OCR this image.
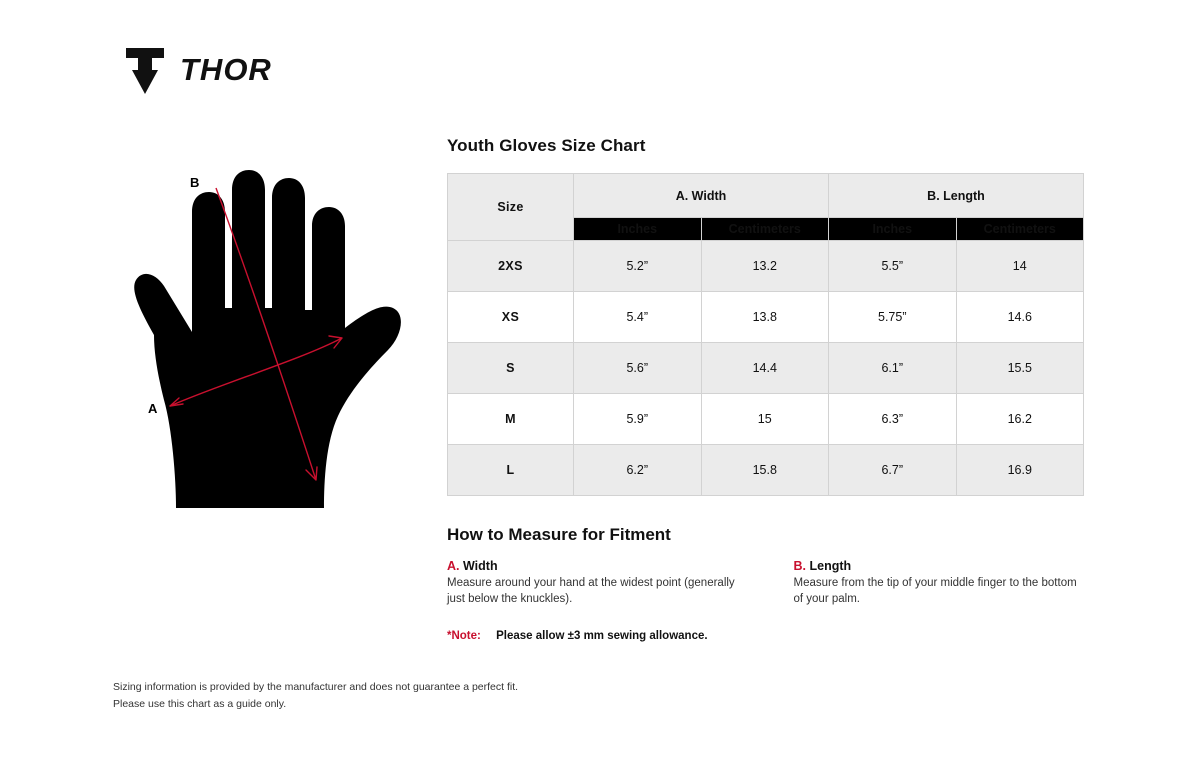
THOR
B
A
Youth Gloves Size Chart
Size	A. Width		B. Length	
	Inches	Centimeters	Inches	Centimeters
2XS	5.2”	13.2	5.5”	14
XS	5.4”	13.8	5.75”	14.6
S	5.6”	14.4	6.1”	15.5
M	5.9”	15	6.3”	16.2
L	6.2”	15.8	6.7”	16.9
How to Measure for Fitment
A. Width
Measure around your hand at the widest point (generally just below the knuckles).
B. Length
Measure from the tip of your middle finger to the bottom of your palm.
*Note: Please allow ±3 mm sewing allowance.
Sizing information is provided by the manufacturer and does not guarantee a perfect fit.
Please use this chart as a guide only.
